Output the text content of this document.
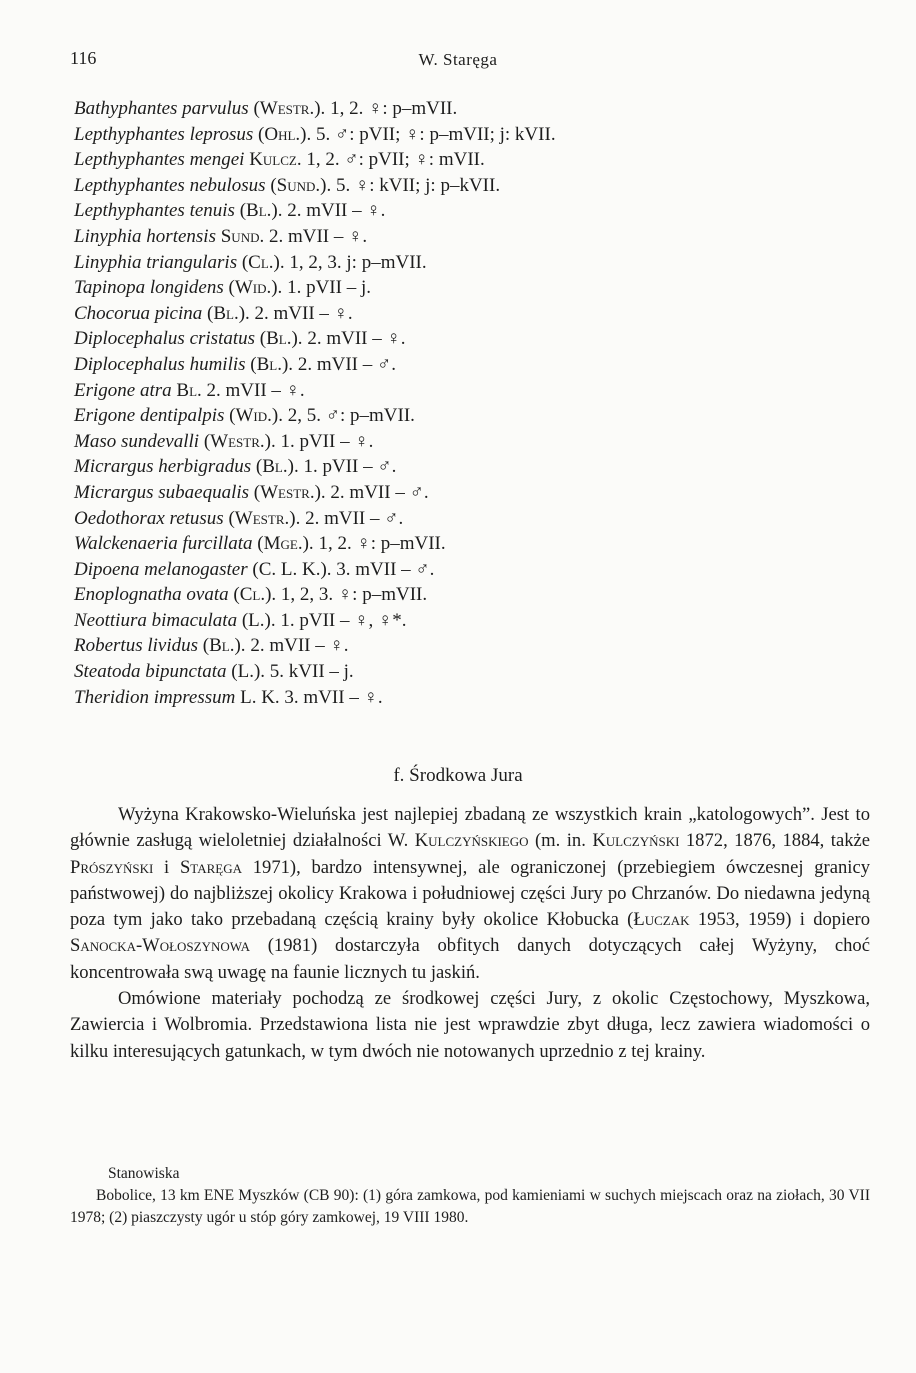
116	W. Staręga
Bathyphantes parvulus (Westr.). 1, 2. ♀: p–mVII.
Lepthyphantes leprosus (Ohl.). 5. ♂: pVII; ♀: p–mVII; j: kVII.
Lepthyphantes mengei Kulcz. 1, 2. ♂: pVII; ♀: mVII.
Lepthyphantes nebulosus (Sund.). 5. ♀: kVII; j: p–kVII.
Lepthyphantes tenuis (Bl.). 2. mVII – ♀.
Linyphia hortensis Sund. 2. mVII – ♀.
Linyphia triangularis (Cl.). 1, 2, 3. j: p–mVII.
Tapinopa longidens (Wid.). 1. pVII – j.
Chocorua picina (Bl.). 2. mVII – ♀.
Diplocephalus cristatus (Bl.). 2. mVII – ♀.
Diplocephalus humilis (Bl.). 2. mVII – ♂.
Erigone atra Bl. 2. mVII – ♀.
Erigone dentipalpis (Wid.). 2, 5. ♂: p–mVII.
Maso sundevalli (Westr.). 1. pVII – ♀.
Micrargus herbigradus (Bl.). 1. pVII – ♂.
Micrargus subaequalis (Westr.). 2. mVII – ♂.
Oedothorax retusus (Westr.). 2. mVII – ♂.
Walckenaeria furcillata (Mge.). 1, 2. ♀: p–mVII.
Dipoena melanogaster (C. L. K.). 3. mVII – ♂.
Enoplognatha ovata (Cl.). 1, 2, 3. ♀: p–mVII.
Neottiura bimaculata (L.). 1. pVII – ♀, ♀*.
Robertus lividus (Bl.). 2. mVII – ♀.
Steatoda bipunctata (L.). 5. kVII – j.
Theridion impressum L. K. 3. mVII – ♀.
f. Środkowa Jura

Wyżyna Krakowsko-Wieluńska jest najlepiej zbadaną ze wszystkich krain „katologowych”. Jest to głównie zasługą wieloletniej działalności W. Kulczyńskiego (m. in. Kulczyński 1872, 1876, 1884, także Prószyński i Staręga 1971), bardzo intensywnej, ale ograniczonej (przebiegiem ówczesnej granicy państwowej) do najbliższej okolicy Krakowa i południowej części Jury po Chrzanów. Do niedawna jedyną poza tym jako tako przebadaną częścią krainy były okolice Kłobucka (Łuczak 1953, 1959) i dopiero Sanocka-Wołoszynowa (1981) dostarczyła obfitych danych dotyczących całej Wyżyny, choć koncentrowała swą uwagę na faunie licznych tu jaskiń.

Omówione materiały pochodzą ze środkowej części Jury, z okolic Częstochowy, Myszkowa, Zawiercia i Wolbromia. Przedstawiona lista nie jest wprawdzie zbyt długa, lecz zawiera wiadomości o kilku interesujących gatunkach, w tym dwóch nie notowanych uprzednio z tej krainy.

Stanowiska
Bobolice, 13 km ENE Myszków (CB 90): (1) góra zamkowa, pod kamieniami w suchych miejscach oraz na ziołach, 30 VII 1978; (2) piaszczysty ugór u stóp góry zamkowej, 19 VIII 1980.
